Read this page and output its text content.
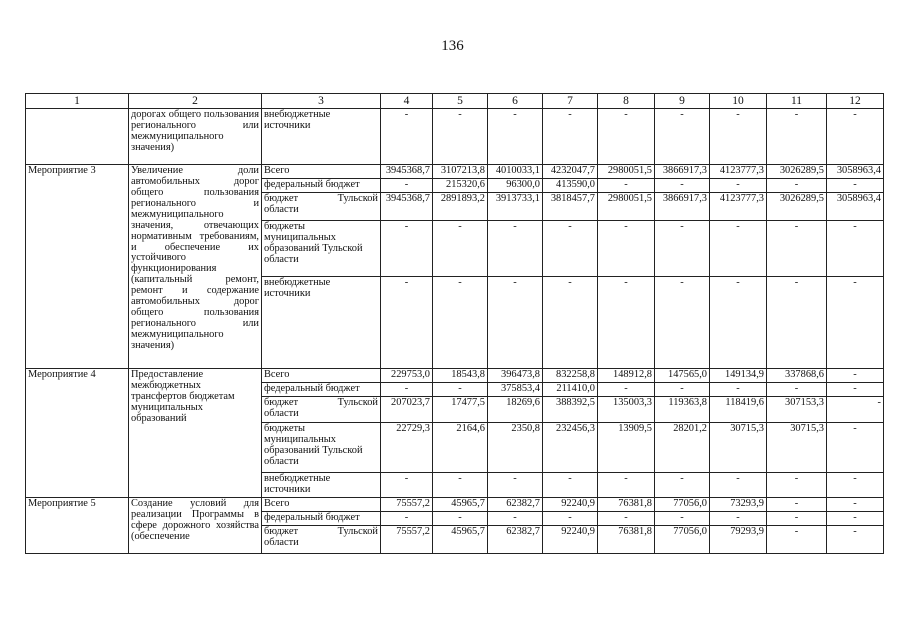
136
1	2	3	4	5	6	7	8	9	10	11	12
	дорогах общего пользования регионального или межмуниципального значения)	внебюджетные источники	-	-	-	-	-	-	-	-	-
Мероприятие 3	Увеличение доли автомобильных дорог общего пользования регионального и межмуниципального значения, отвечающих нормативным требованиям, и обеспечение их устойчивого функционирования (капитальный ремонт, ремонт и содержание автомобильных дорог общего пользования регионального или межмуниципального значения)	Всего	3945368,7	3107213,8	4010033,1	4232047,7	2980051,5	3866917,3	4123777,3	3026289,5	3058963,4
		федеральный бюджет	-	215320,6	96300,0	413590,0	-	-	-	-	-
		бюджет Тульской области	3945368,7	2891893,2	3913733,1	3818457,7	2980051,5	3866917,3	4123777,3	3026289,5	3058963,4
		бюджеты муниципальных образований Тульской области	-	-	-	-	-	-	-	-	-
		внебюджетные источники	-	-	-	-	-	-	-	-	-
Мероприятие 4	Предоставление межбюджетных трансфертов бюджетам муниципальных образований	Всего	229753,0	18543,8	396473,8	832258,8	148912,8	147565,0	149134,9	337868,6	-
		федеральный бюджет	-	-	375853,4	211410,0	-	-	-	-	-
		бюджет Тульской области	207023,7	17477,5	18269,6	388392,5	135003,3	119363,8	118419,6	307153,3	-
		бюджеты муниципальных образований Тульской области	22729,3	2164,6	2350,8	232456,3	13909,5	28201,2	30715,3	30715,3	-
		внебюджетные источники	-	-	-	-	-	-	-	-	-
Мероприятие 5	Создание условий для реализации Программы в сфере дорожного хозяйства (обеспечение	Всего	75557,2	45965,7	62382,7	92240,9	76381,8	77056,0	73293,9	-	-
		федеральный бюджет	-	-	-	-	-	-	-	-	-
		бюджет Тульской области	75557,2	45965,7	62382,7	92240,9	76381,8	77056,0	79293,9	-	-
